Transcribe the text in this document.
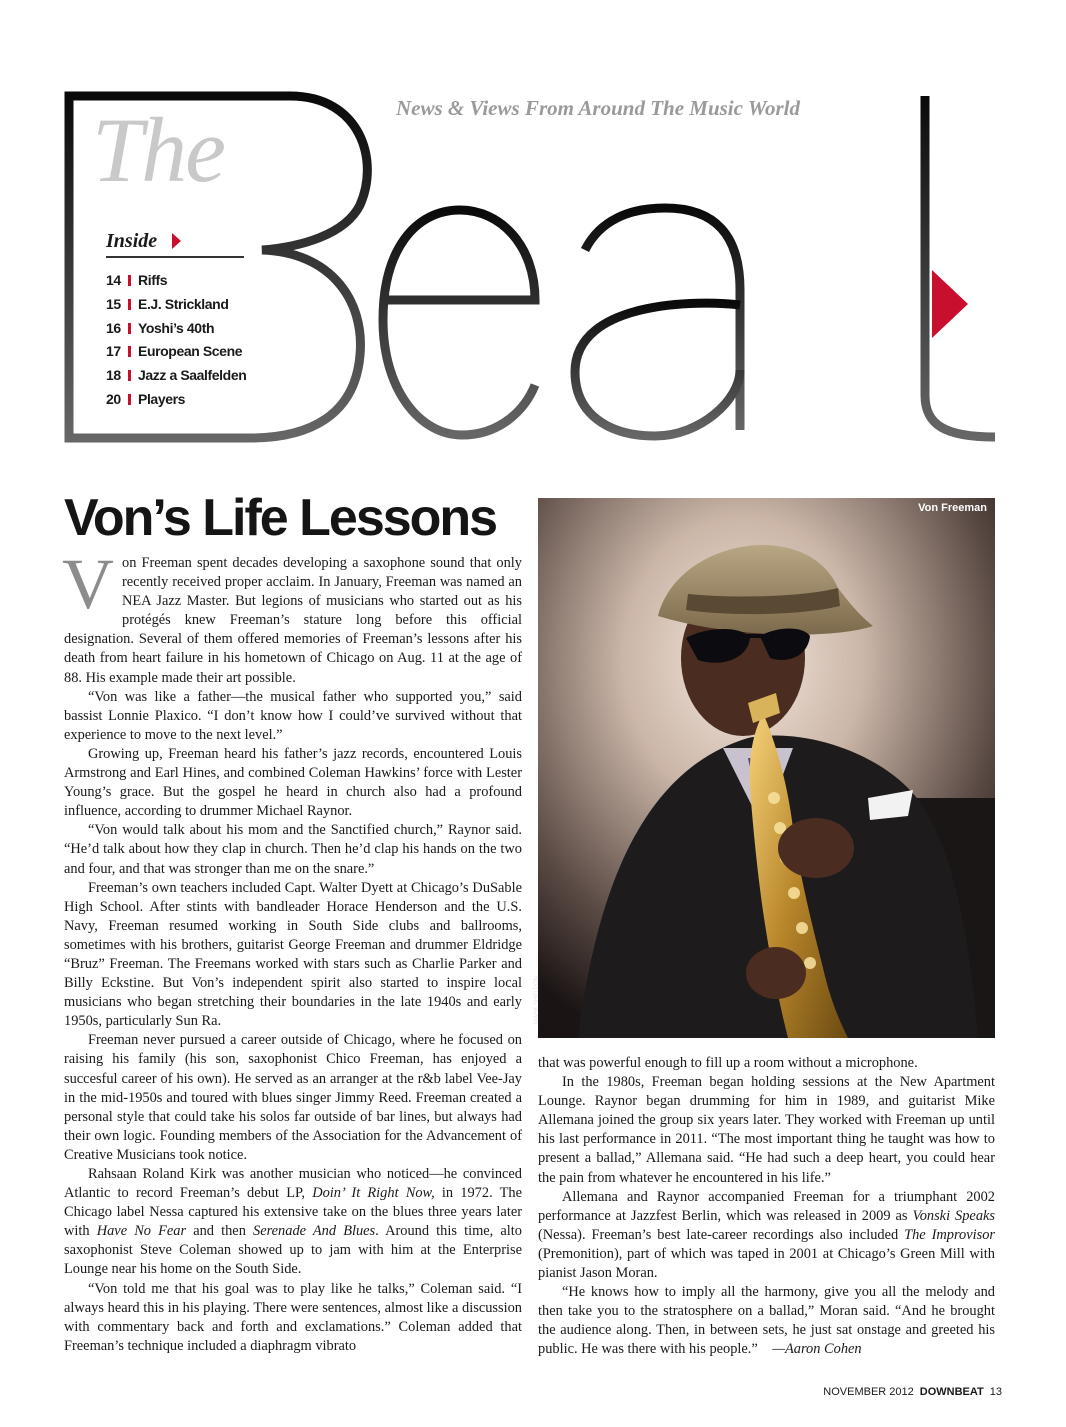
News & Views From Around The Music World
The
Inside
14 Riffs
15 E.J. Strickland
16 Yoshi’s 40th
17 European Scene
18 Jazz a Saalfelden
20 Players
Von’s Life Lessons

Von Freeman spent decades developing a saxophone sound that only recently received proper acclaim. In January, Freeman was named an NEA Jazz Master. But legions of musicians who started out as his protégés knew Freeman’s stature long before this official designation. Several of them offered memories of Freeman’s lessons after his death from heart failure in his hometown of Chicago on Aug. 11 at the age of 88. His example made their art possible.

“Von was like a father—the musical father who supported you,” said bassist Lonnie Plaxico. “I don’t know how I could’ve survived without that experience to move to the next level.”

Growing up, Freeman heard his father’s jazz records, encountered Louis Armstrong and Earl Hines, and combined Coleman Hawkins’ force with Lester Young’s grace. But the gospel he heard in church also had a profound influence, according to drummer Michael Raynor.

“Von would talk about his mom and the Sanctified church,” Raynor said. “He’d talk about how they clap in church. Then he’d clap his hands on the two and four, and that was stronger than me on the snare.”

Freeman’s own teachers included Capt. Walter Dyett at Chicago’s DuSable High School. After stints with bandleader Horace Henderson and the U.S. Navy, Freeman resumed working in South Side clubs and ballrooms, sometimes with his brothers, guitarist George Freeman and drummer Eldridge “Bruz” Freeman. The Freemans worked with stars such as Charlie Parker and Billy Eckstine. But Von’s independent spirit also started to inspire local musicians who began stretching their boundaries in the late 1940s and early 1950s, particularly Sun Ra.

Freeman never pursued a career outside of Chicago, where he focused on raising his family (his son, saxophonist Chico Freeman, has enjoyed a succesful career of his own). He served as an arranger at the r&b label Vee-Jay in the mid-1950s and toured with blues singer Jimmy Reed. Freeman created a personal style that could take his solos far outside of bar lines, but always had their own logic. Founding members of the Association for the Advancement of Creative Musicians took notice.

Rahsaan Roland Kirk was another musician who noticed—he convinced Atlantic to record Freeman’s debut LP, Doin’ It Right Now, in 1972. The Chicago label Nessa captured his extensive take on the blues three years later with Have No Fear and then Serenade And Blues. Around this time, alto saxophonist Steve Coleman showed up to jam with him at the Enterprise Lounge near his home on the South Side.

“Von told me that his goal was to play like he talks,” Coleman said. “I always heard this in his playing. There were sentences, almost like a discussion with commentary back and forth and exclamations.” Coleman added that Freeman’s technique included a diaphragm vibrato

Von Freeman
MARK SHELDON

that was powerful enough to fill up a room without a microphone.

In the 1980s, Freeman began holding sessions at the New Apartment Lounge. Raynor began drumming for him in 1989, and guitarist Mike Allemana joined the group six years later. They worked with Freeman up until his last performance in 2011. “The most important thing he taught was how to present a ballad,” Allemana said. “He had such a deep heart, you could hear the pain from whatever he encountered in his life.”

Allemana and Raynor accompanied Freeman for a triumphant 2002 performance at Jazzfest Berlin, which was released in 2009 as Vonski Speaks (Nessa). Freeman’s best late-career recordings also included The Improvisor (Premonition), part of which was taped in 2001 at Chicago’s Green Mill with pianist Jason Moran.

“He knows how to imply all the harmony, give you all the melody and then take you to the stratosphere on a ballad,” Moran said. “And he brought the audience along. Then, in between sets, he just sat onstage and greeted his public. He was there with his people.” —Aaron Cohen

NOVEMBER 2012 DOWNBEAT 13
